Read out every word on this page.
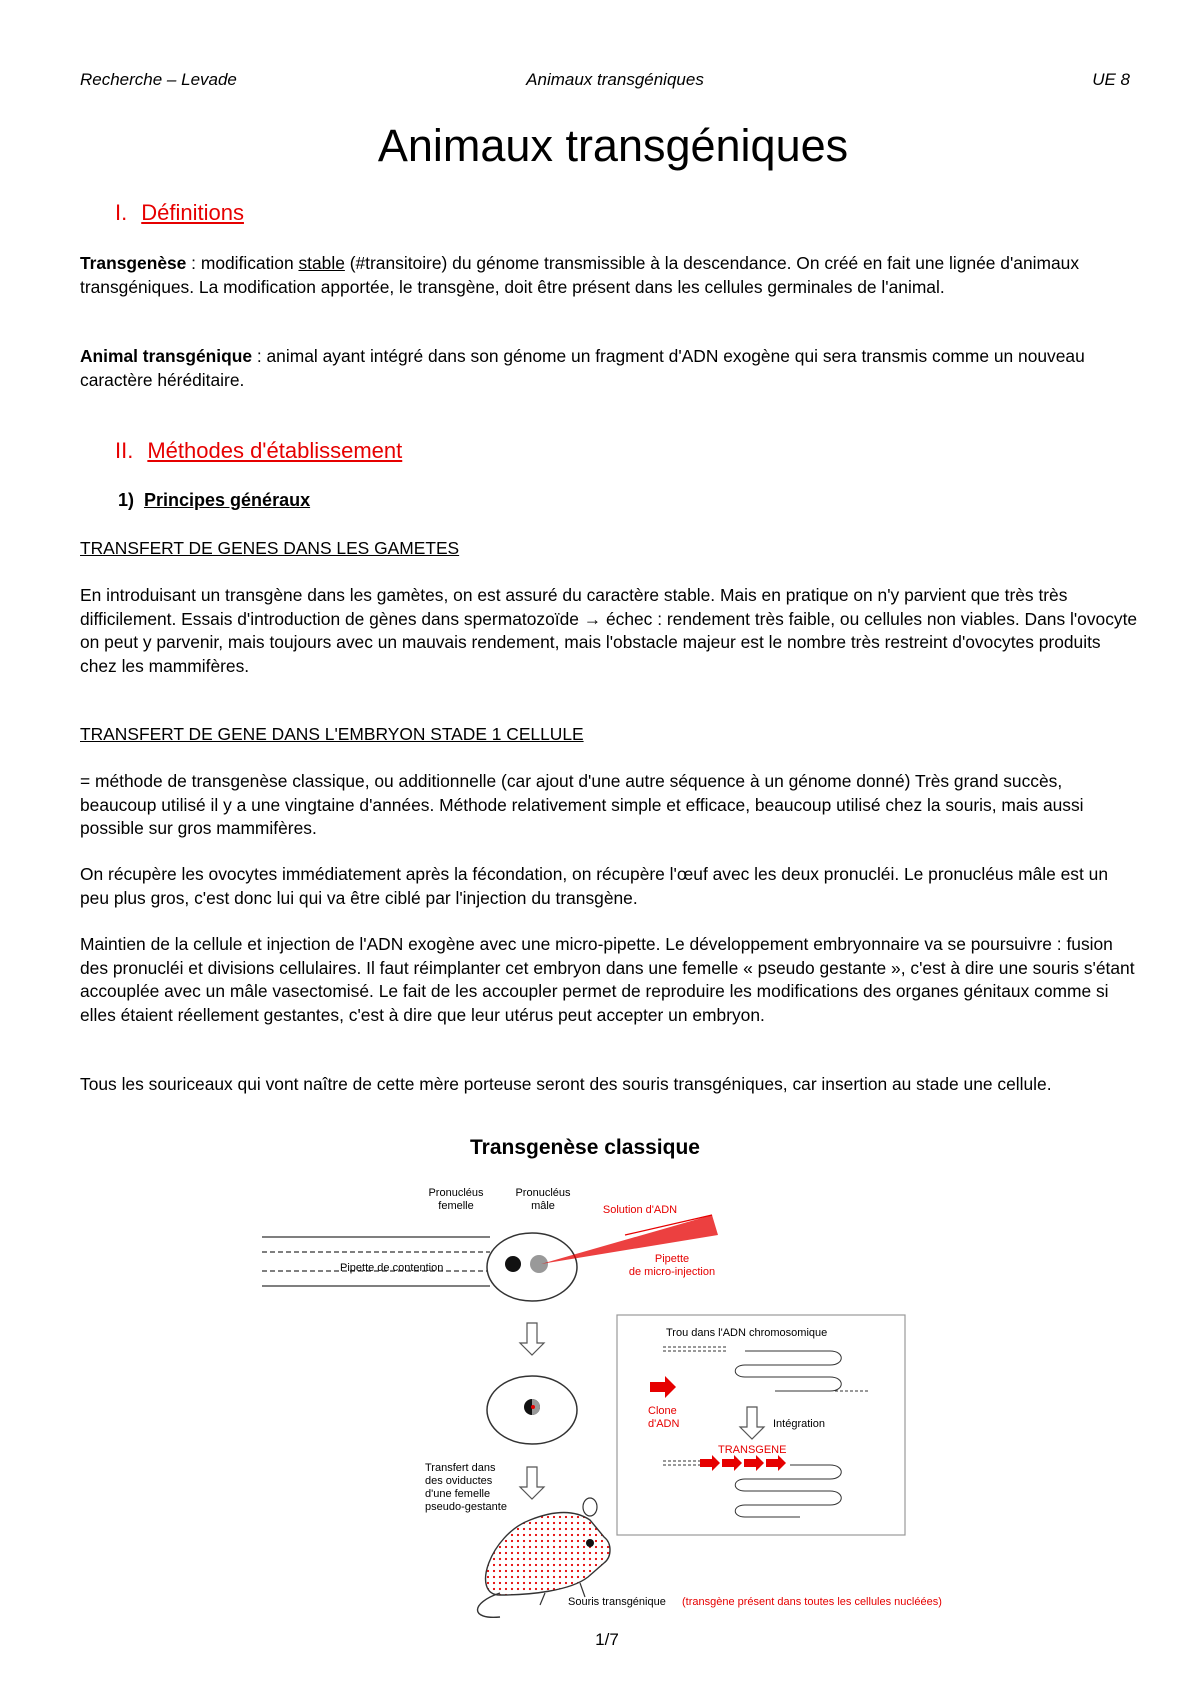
Recherche – Levade	Animaux transgéniques	UE 8
Animaux transgéniques
I. Définitions
Transgenèse : modification stable (#transitoire) du génome transmissible à la descendance. On créé en fait une lignée d'animaux transgéniques. La modification apportée, le transgène, doit être présent dans les cellules germinales de l'animal.
Animal transgénique : animal ayant intégré dans son génome un fragment d'ADN exogène qui sera transmis comme un nouveau caractère héréditaire.
II. Méthodes d'établissement
1) Principes généraux
TRANSFERT DE GENES DANS LES GAMETES
En introduisant un transgène dans les gamètes, on est assuré du caractère stable. Mais en pratique on n'y parvient que très très difficilement. Essais d'introduction de gènes dans spermatozoïde → échec : rendement très faible, ou cellules non viables. Dans l'ovocyte on peut y parvenir, mais toujours avec un mauvais rendement, mais l'obstacle majeur est le nombre très restreint d'ovocytes produits chez les mammifères.
TRANSFERT DE GENE DANS L'EMBRYON STADE 1 CELLULE
= méthode de transgenèse classique, ou additionnelle (car ajout d'une autre séquence à un génome donné) Très grand succès, beaucoup utilisé il y a une vingtaine d'années. Méthode relativement simple et efficace, beaucoup utilisé chez la souris, mais aussi possible sur gros mammifères.
On récupère les ovocytes immédiatement après la fécondation, on récupère l'œuf avec les deux pronucléi. Le pronucléus mâle est un peu plus gros, c'est donc lui qui va être ciblé par l'injection du transgène.
Maintien de la cellule et injection de l'ADN exogène avec une micro-pipette. Le développement embryonnaire va se poursuivre : fusion des pronucléi et divisions cellulaires. Il faut réimplanter cet embryon dans une femelle « pseudo gestante », c'est à dire une souris s'étant accouplée avec un mâle vasectomisé. Le fait de les accoupler permet de reproduire les modifications des organes génitaux comme si elles étaient réellement gestantes, c'est à dire que leur utérus peut accepter un embryon.
Tous les souriceaux qui vont naître de cette mère porteuse seront des souris transgéniques, car insertion au stade une cellule.
Transgenèse classique
Pipette de contention
Pronucléus
femelle
Pronucléus
mâle	Solution d'ADN
Pipette
de micro-injection
Transfert dans
des oviductes
d'une femelle
pseudo-gestante
Souris transgénique (transgène présent dans toutes les cellules nucléées)
Trou dans l'ADN chromosomique
Clone
d'ADN	Intégration
TRANSGENE
1/7
